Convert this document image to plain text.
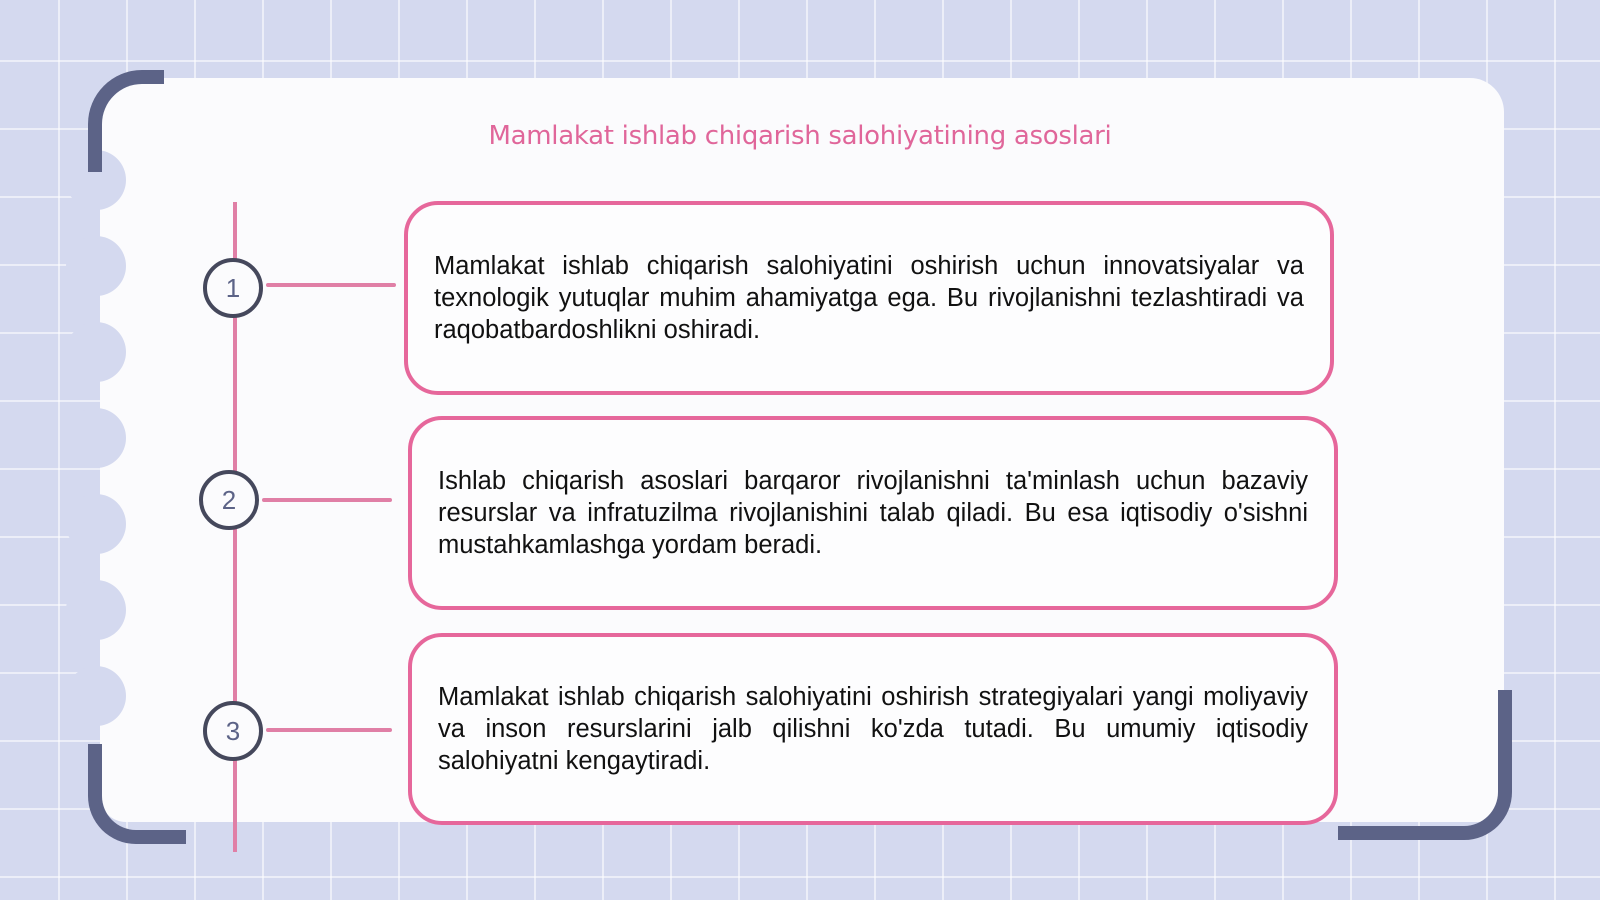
Mamlakat ishlab chiqarish salohiyatining asoslari
1

Mamlakat ishlab chiqarish salohiyatini oshirish uchun innovatsiyalar va texnologik yutuqlar muhim ahamiyatga ega. Bu rivojlanishni tezlashtiradi va raqobatbardoshlikni oshiradi.

2

Ishlab chiqarish asoslari barqaror rivojlanishni ta'minlash uchun bazaviy resurslar va infratuzilma rivojlanishini talab qiladi. Bu esa iqtisodiy o'sishni mustahkamlashga yordam beradi.

3

Mamlakat ishlab chiqarish salohiyatini oshirish strategiyalari yangi moliyaviy va inson resurslarini jalb qilishni ko'zda tutadi. Bu umumiy iqtisodiy salohiyatni kengaytiradi.
